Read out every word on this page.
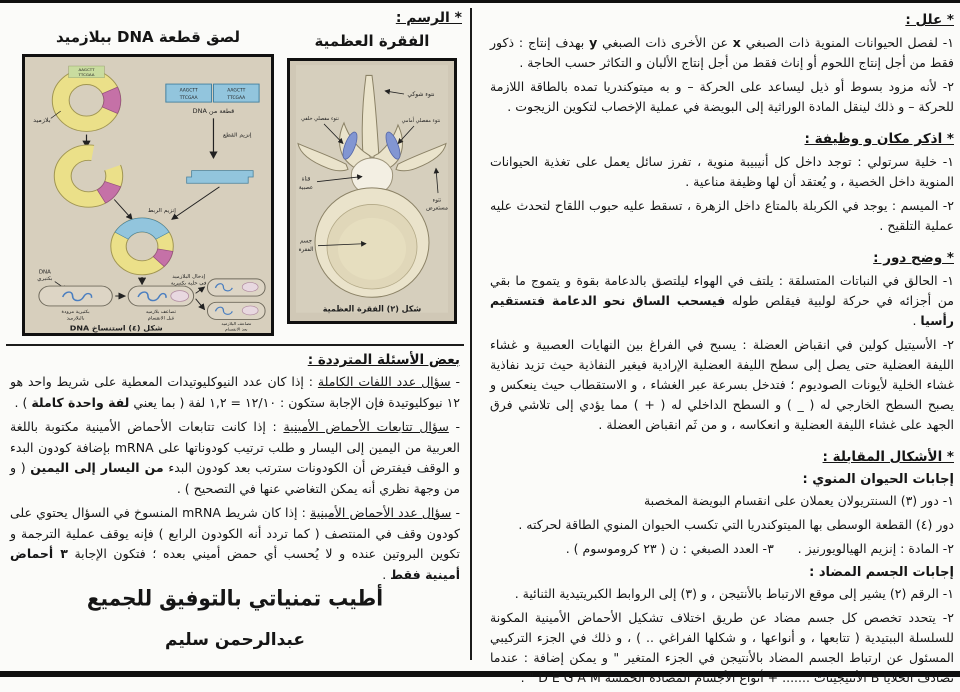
* علل :

١- لفصل الحيوانات المنوية ذات الصبغي x عن الأخرى ذات الصبغي y بهدف إنتاج : ذكور فقط من أجل إنتاج اللحوم أو إناث فقط من أجل إنتاج الألبان و التكاثر حسب الحاجة .

٢- لأنه مزود بسوط أو ذيل ليساعد على الحركة – و به ميتوكندريا تمده بالطاقة اللازمة للحركة – و ذلك لينقل المادة الوراثية إلى البويضة في عملية الإخصاب لتكوين الزيجوت .

* اذكر مكان و وظيفة :

١- خلية سرتولي : توجد داخل كل أنيبيبة منوية ، تفرز سائل يعمل على تغذية الحيوانات المنوية داخل الخصية ، و يُعتقد أن لها وظيفة مناعية .

٢- الميسم : يوجد في الكربلة بالمتاع داخل الزهرة ، تسقط عليه حبوب اللقاح لتحدث عليه عملية التلقيح .

* وضح دور :

١- الحالق في النباتات المتسلقة : يلتف في الهواء ليلتصق بالدعامة بقوة و يتموج ما بقي من أجزائه في حركة لولبية فيقلص طوله فيسحب الساق نحو الدعامة فتستقيم رأسيا .

٢- الأسيتيل كولين في انقباض العضلة : يسبح في الفراغ بين النهايات العصبية و غشاء الليفة العضلية حتى يصل إلى سطح الليفة العضلية الإرادية فيغير النفاذية حيث تزيد نفاذية غشاء الخلية لأيونات الصوديوم ؛ فتدخل بسرعة عبر الغشاء ، و الاستقطاب حيث ينعكس و يصبح السطح الخارجي له ( _ ) و السطح الداخلي له ( + ) مما يؤدي إلى تلاشي فرق الجهد على غشاء الليفة العضلية و انعكاسه ، و من ثَم انقباض العضلة .

* الأشكال المقابلة :
إجابات الحيوان المنوي :

١- دور (٣) السنتريولان يعملان على انقسام البويضة المخصبة

دور (٤) القطعة الوسطى بها الميتوكندريا التي تكسب الحيوان المنوي الطاقة لحركته .

٢- المادة : إنزيم الهيالويورنيز .      ٣- العدد الصبغي : ن ( ٢٣ كروموسوم ) .

إجابات الجسم المضاد :

١- الرقم (٢) يشير إلى موقع الارتباط بالأنتيجن ، و (٣) إلى الروابط الكبريتيدية الثنائية .

٢- يتحدد تخصص كل جسم مضاد عن طريق اختلاف تشكيل الأحماض الأمينية المكونة للسلسلة الببتيدية ( تتابعها ، و أنواعها ، و شكلها الفراغي .. ) ، و ذلك في الجزء التركيبي المسئول عن ارتباط الجسم المضاد بالأنتيجن في الجزء المتغير " و يمكن إضافة : عندما تصادف الخلايا B الأنتيجينات ....... + أنواع الأجسام المضادة الخمسة D E G A M " .

* الرسم :
لصق قطعة DNA ببلازميد	الفقرة العظمية
AAGCTT
TTCGAA
بلازميد
AAGCTT
TTCGAA
AAGCTT
TTCGAA
قطعة من DNA
إنزيم القطع
إنزيم الربط
إدخال البلازميد
في خلية بكتيرية
DNA
بكتيري
بكتيرية مزودة
بالبلازميد
تضاعف بلازميد
قبل الانقسام
تضاعف البلازميد
بعد الانقسام
شكل (٤) استنساخ DNA
نتوء شوكي
نتوء مفصلي خلفي	نتوء مفصلي أمامي
قناة
عصبية
نتوء
مستعرض
جسم
الفقرة
شكل (٢) الفقرة العظمية
بعض الأسئلة المترددة :

- سؤال عدد اللفات الكاملة : إذا كان عدد النيوكليوتيدات المعطية على شريط واحد هو ١٢ نيوكليوتيدة فإن الإجابة ستكون : ١٢/١٠ = ١,٢ لفة ( بما يعني لفة واحدة كاملة ) .

- سؤال تتابعات الأحماض الأمينية : إذا كانت تتابعات الأحماض الأمينية مكتوبة باللغة العربية من اليمين إلى اليسار و طلب ترتيب كودوناتها على mRNA بإضافة كودون البدء و الوقف فيفترض أن الكودونات سترتب بعد كودون البدء من اليسار إلى اليمين ( و من وجهة نظري أنه يمكن التغاضي عنها في التصحيح ) .

- سؤال عدد الأحماض الأمينية : إذا كان شريط mRNA المنسوخ في السؤال يحتوي على كودون وقف في المنتصف ( كما تردد أنه الكودون الرابع ) فإنه يوقف عملية الترجمة و تكوين البروتين عنده و لا يُحسب أي حمض أميني بعده ؛ فتكون الإجابة ٣ أحماض أمينية فقط .

أطيب تمنياتي بالتوفيق للجميع
عبدالرحمن سليم
